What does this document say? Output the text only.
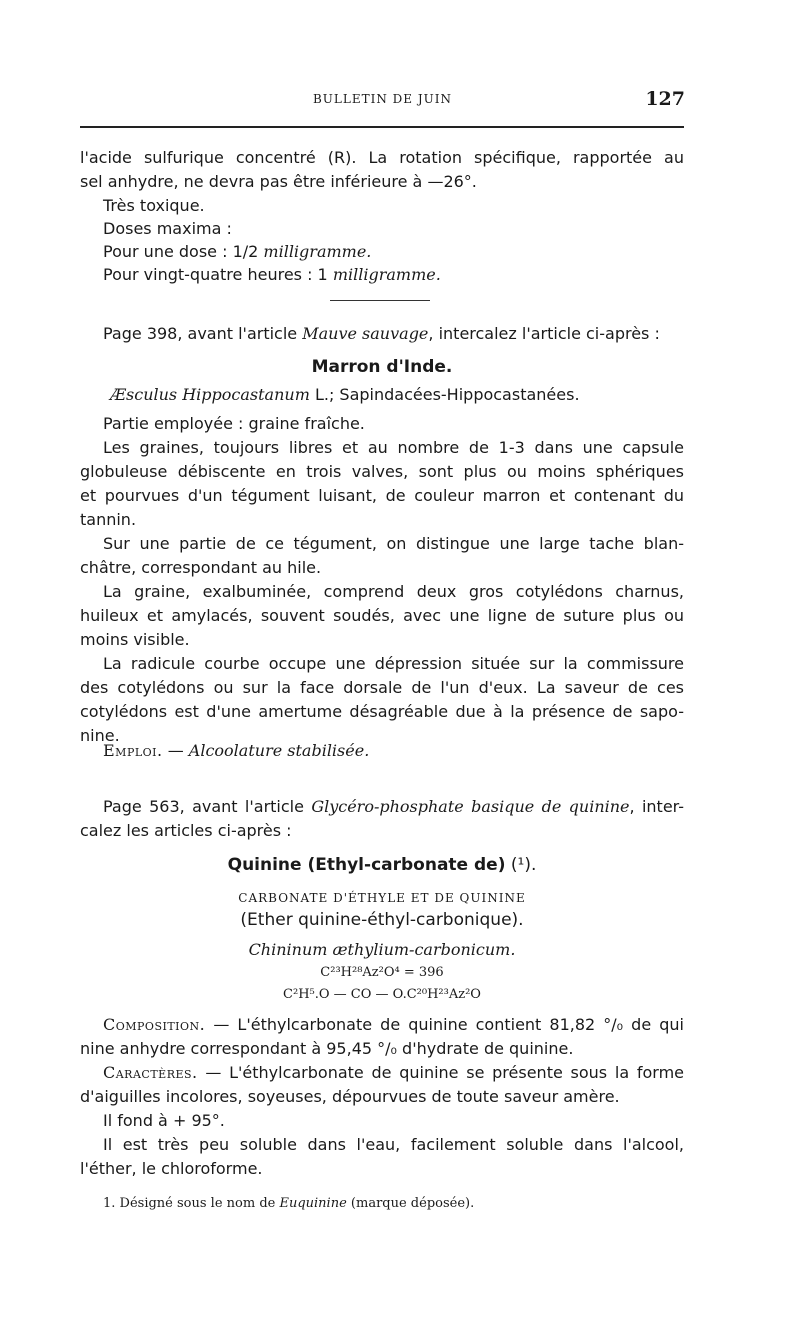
BULLETIN DE JUIN	127
l'acide sulfurique concentré (R). La rotation spécifique, rapportée au
sel anhydre, ne devra pas être inférieure à —26°.
Très toxique.
Doses maxima :
Pour une dose : 1/2 milligramme.
Pour vingt-quatre heures : 1 milligramme.
Page 398, avant l'article Mauve sauvage, intercalez l'article ci-après :
Marron d'Inde.
Æsculus Hippocastanum L.; Sapindacées-Hippocastanées.
Partie employée : graine fraîche.
Les graines, toujours libres et au nombre de 1-3 dans une capsule
globuleuse débiscente en trois valves, sont plus ou moins sphériques
et pourvues d'un tégument luisant, de couleur marron et contenant du
tannin.
Sur une partie de ce tégument, on distingue une large tache blan-
châtre, correspondant au hile.
La graine, exalbuminée, comprend deux gros cotylédons charnus,
huileux et amylacés, souvent soudés, avec une ligne de suture plus ou
moins visible.
La radicule courbe occupe une dépression située sur la commissure
des cotylédons ou sur la face dorsale de l'un d'eux. La saveur de ces
cotylédons est d'une amertume désagréable due à la présence de sapo-
nine.
Emploi. — Alcoolature stabilisée.
Page 563, avant l'article Glycéro-phosphate basique de quinine, inter-
calez les articles ci-après :
Quinine (Ethyl-carbonate de) (¹).
CARBONATE D'ÉTHYLE ET DE QUININE
(Ether quinine-éthyl-carbonique).
Chininum æthylium-carbonicum.
C²³H²⁸Az²O⁴ = 396
C²H⁵.O — CO — O.C²⁰H²³Az²O
Composition. — L'éthylcarbonate de quinine contient 81,82 °/₀ de qui
nine anhydre correspondant à 95,45 °/₀ d'hydrate de quinine.
Caractères. — L'éthylcarbonate de quinine se présente sous la forme
d'aiguilles incolores, soyeuses, dépourvues de toute saveur amère.
Il fond à + 95°.
Il est très peu soluble dans l'eau, facilement soluble dans l'alcool,
l'éther, le chloroforme.
1. Désigné sous le nom de Euquinine (marque déposée).
